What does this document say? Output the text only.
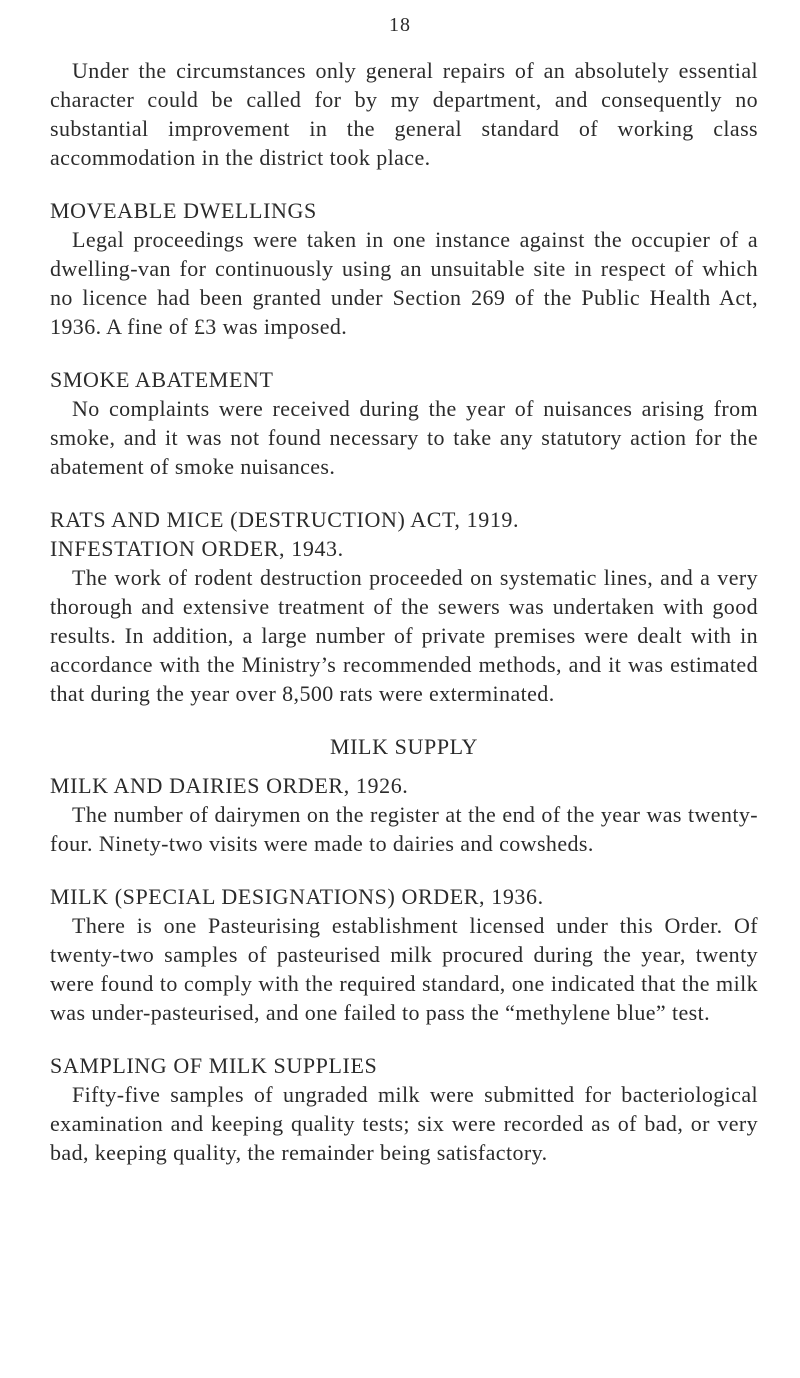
18

Under the circumstances only general repairs of an absolutely essential character could be called for by my department, and consequently no substantial improvement in the general standard of working class accommodation in the district took place.

MOVEABLE DWELLINGS

Legal proceedings were taken in one instance against the occupier of a dwelling-van for continuously using an unsuitable site in respect of which no licence had been granted under Section 269 of the Public Health Act, 1936. A fine of £3 was imposed.

SMOKE ABATEMENT

No complaints were received during the year of nuisances arising from smoke, and it was not found necessary to take any statutory action for the abatement of smoke nuisances.

RATS AND MICE (DESTRUCTION) ACT, 1919.

INFESTATION ORDER, 1943.

The work of rodent destruction proceeded on systematic lines, and a very thorough and extensive treatment of the sewers was undertaken with good results. In addition, a large number of private premises were dealt with in accordance with the Ministry’s recommended methods, and it was estimated that during the year over 8,500 rats were exterminated.

MILK SUPPLY

MILK AND DAIRIES ORDER, 1926.

The number of dairymen on the register at the end of the year was twenty-four. Ninety-two visits were made to dairies and cowsheds.

MILK (SPECIAL DESIGNATIONS) ORDER, 1936.

There is one Pasteurising establishment licensed under this Order. Of twenty-two samples of pasteurised milk procured during the year, twenty were found to comply with the required standard, one indicated that the milk was under-pasteurised, and one failed to pass the “methylene blue” test.

SAMPLING OF MILK SUPPLIES

Fifty-five samples of ungraded milk were submitted for bacteriological examination and keeping quality tests; six were recorded as of bad, or very bad, keeping quality, the remainder being satisfactory.
